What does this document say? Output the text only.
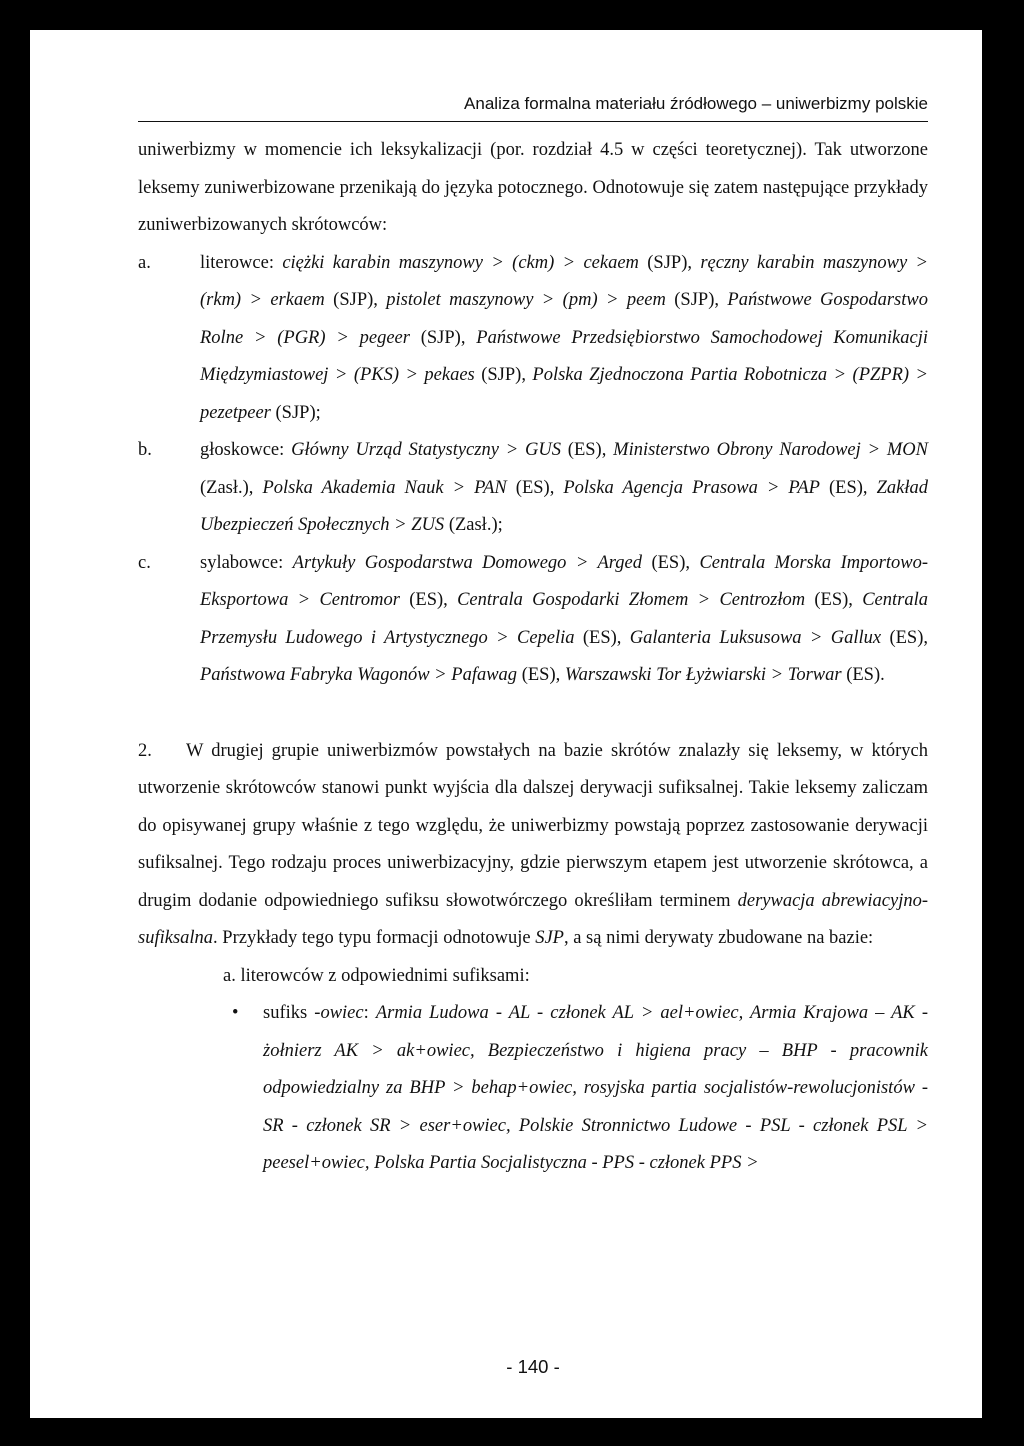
Analiza formalna materiału źródłowego – uniwerbizmy polskie

uniwerbizmy w momencie ich leksykalizacji (por. rozdział 4.5 w części teoretycznej). Tak utworzone leksemy zuniwerbizowane przenikają do języka potocznego. Odnotowuje się zatem następujące przykłady zuniwerbizowanych skrótowców:

a.	literowce: ciężki karabin maszynowy > (ckm) > cekaem (SJP), ręczny karabin maszynowy > (rkm) > erkaem (SJP), pistolet maszynowy > (pm) > peem (SJP), Państwowe Gospodarstwo Rolne > (PGR) > pegeer (SJP), Państwowe Przedsiębiorstwo Samochodowej Komunikacji Międzymiastowej > (PKS) > pekaes (SJP), Polska Zjednoczona Partia Robotnicza > (PZPR) > pezetpeer (SJP);
b.	głoskowce: Główny Urząd Statystyczny > GUS (ES), Ministerstwo Obrony Narodowej > MON (Zasł.), Polska Akademia Nauk > PAN (ES), Polska Agencja Prasowa > PAP (ES), Zakład Ubezpieczeń Społecznych > ZUS (Zasł.);
c.	sylabowce: Artykuły Gospodarstwa Domowego > Arged (ES), Centrala Morska Importowo-Eksportowa > Centromor (ES), Centrala Gospodarki Złomem > Centrozłom (ES), Centrala Przemysłu Ludowego i Artystycznego > Cepelia (ES), Galanteria Luksusowa > Gallux (ES), Państwowa Fabryka Wagonów > Pafawag (ES), Warszawski Tor Łyżwiarski > Torwar (ES).

2. W drugiej grupie uniwerbizmów powstałych na bazie skrótów znalazły się leksemy, w których utworzenie skrótowców stanowi punkt wyjścia dla dalszej derywacji sufiksalnej. Takie leksemy zaliczam do opisywanej grupy właśnie z tego względu, że uniwerbizmy powstają poprzez zastosowanie derywacji sufiksalnej. Tego rodzaju proces uniwerbizacyjny, gdzie pierwszym etapem jest utworzenie skrótowca, a drugim dodanie odpowiedniego sufiksu słowotwórczego określiłam terminem derywacja abrewiacyjno-sufiksalna. Przykłady tego typu formacji odnotowuje SJP, a są nimi derywaty zbudowane na bazie:

a. literowców z odpowiednimi sufiksami:
• sufiks -owiec: Armia Ludowa - AL - członek AL > ael+owiec, Armia Krajowa – AK - żołnierz AK > ak+owiec, Bezpieczeństwo i higiena pracy – BHP - pracownik odpowiedzialny za BHP > behap+owiec, rosyjska partia socjalistów-rewolucjonistów - SR - członek SR > eser+owiec, Polskie Stronnictwo Ludowe - PSL - członek PSL > peesel+owiec, Polska Partia Socjalistyczna - PPS - członek PPS >
- 140 -
